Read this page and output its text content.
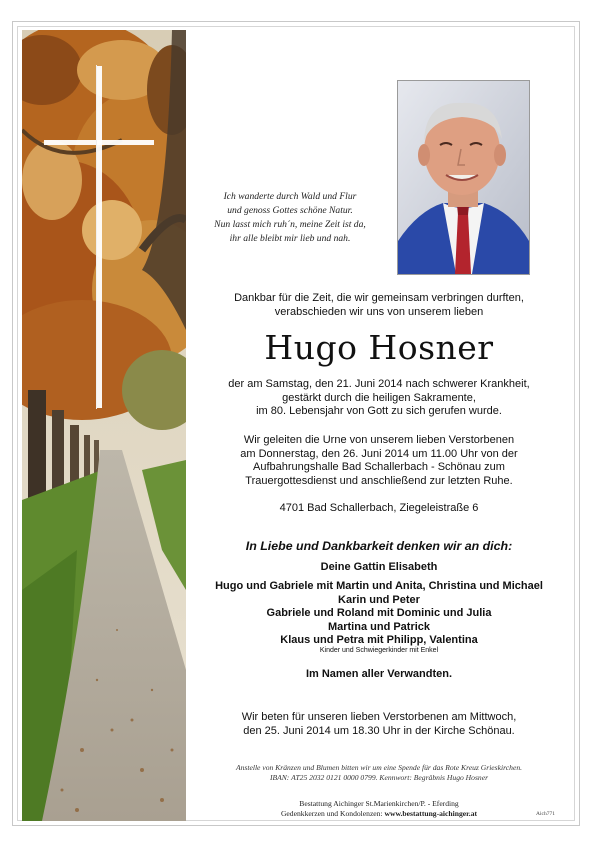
Ich wanderte durch Wald und Flur
und genoss Gottes schöne Natur.
Nun lasst mich ruh´n, meine Zeit ist da,
ihr alle bleibt mir lieb und nah.
Dankbar für die Zeit, die wir gemeinsam verbringen durften,
verabschieden wir uns von unserem lieben
Hugo Hosner
der am Samstag, den 21. Juni 2014 nach schwerer Krankheit,
gestärkt durch die heiligen Sakramente,
im 80. Lebensjahr von Gott zu sich gerufen wurde.
Wir geleiten die Urne von unserem lieben Verstorbenen
am Donnerstag, den 26. Juni 2014 um 11.00 Uhr von der
Aufbahrungshalle Bad Schallerbach - Schönau zum
Trauergottesdienst und anschließend zur letzten Ruhe.
4701 Bad Schallerbach, Ziegeleistraße 6
In Liebe und Dankbarkeit denken wir an dich:
Deine Gattin Elisabeth
Hugo und Gabriele mit Martin und Anita, Christina und Michael
Karin und Peter
Gabriele und Roland mit Dominic und Julia
Martina und Patrick
Klaus und Petra mit Philipp, Valentina
Kinder und Schwiegerkinder mit Enkel
Im Namen aller Verwandten.
Wir beten für unseren lieben Verstorbenen am Mittwoch,
den 25. Juni 2014 um 18.30 Uhr in der Kirche Schönau.
Anstelle von Kränzen und Blumen bitten wir um eine Spende für das Rote Kreuz Grieskirchen.
IBAN: AT25 2032 0121 0000 0799. Kennwort: Begräbnis Hugo Hosner
Bestattung Aichinger St.Marienkirchen/P. - Eferding
Gedenkkerzen und Kondolenzen: www.bestattung-aichinger.at	Aich771
